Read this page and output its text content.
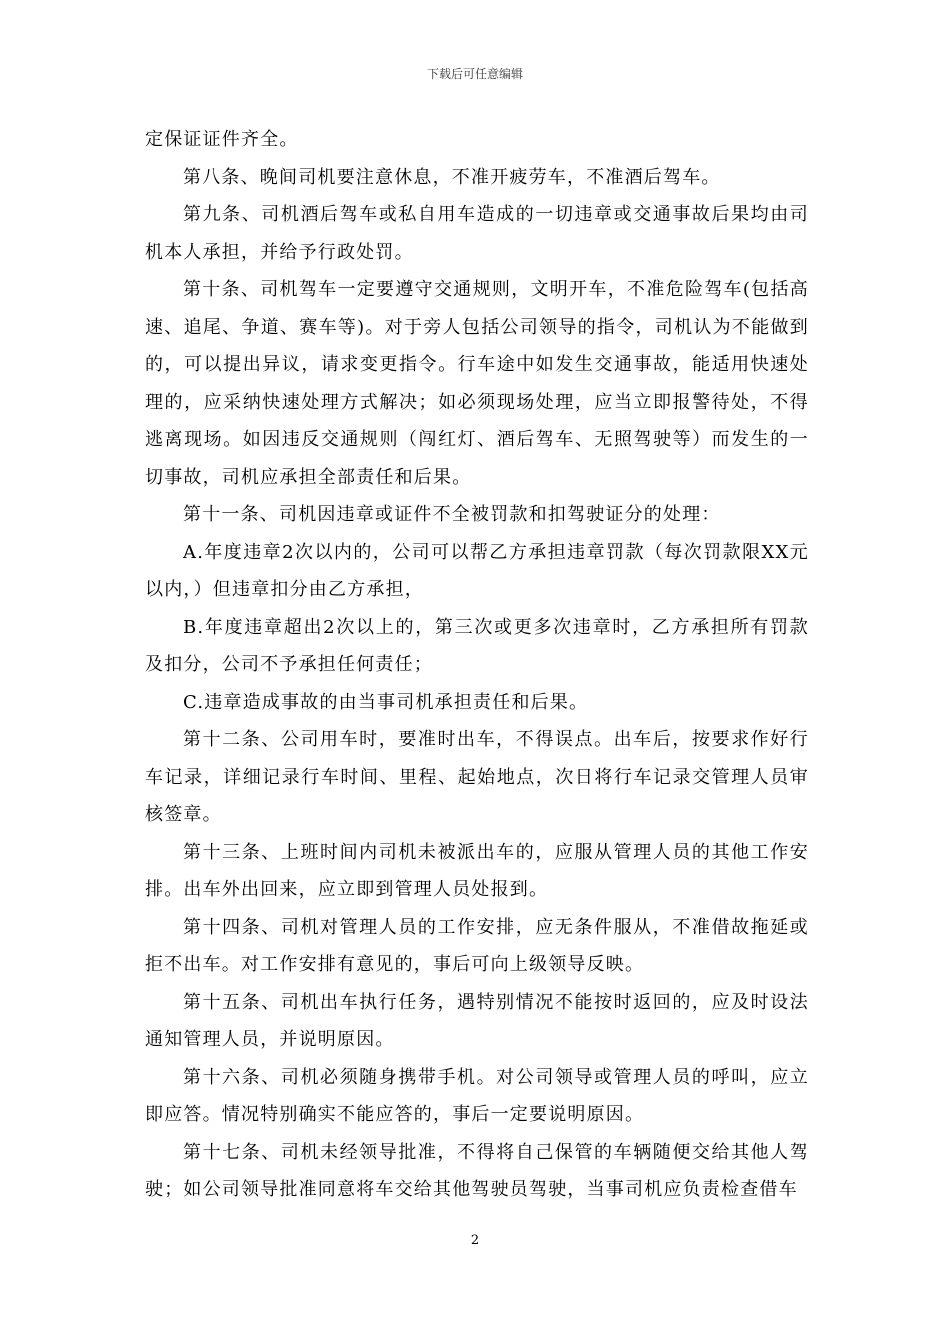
下载后可任意编辑

定保证证件齐全。

第八条、晚间司机要注意休息，不准开疲劳车，不准酒后驾车。

第九条、司机酒后驾车或私自用车造成的一切违章或交通事故后果均由司机本人承担，并给予行政处罚。

第十条、司机驾车一定要遵守交通规则，文明开车，不准危险驾车(包括高速、追尾、争道、赛车等)。对于旁人包括公司领导的指令，司机认为不能做到的，可以提出异议，请求变更指令。行车途中如发生交通事故，能适用快速处理的，应采纳快速处理方式解决；如必须现场处理，应当立即报警待处，不得逃离现场。如因违反交通规则（闯红灯、酒后驾车、无照驾驶等）而发生的一切事故，司机应承担全部责任和后果。

第十一条、司机因违章或证件不全被罚款和扣驾驶证分的处理：

A.年度违章2次以内的，公司可以帮乙方承担违章罚款（每次罚款限XX元以内，）但违章扣分由乙方承担，

B.年度违章超出2次以上的，第三次或更多次违章时，乙方承担所有罚款及扣分，公司不予承担任何责任；

C.违章造成事故的由当事司机承担责任和后果。

第十二条、公司用车时，要准时出车，不得误点。出车后，按要求作好行车记录，详细记录行车时间、里程、起始地点，次日将行车记录交管理人员审核签章。

第十三条、上班时间内司机未被派出车的，应服从管理人员的其他工作安排。出车外出回来，应立即到管理人员处报到。

第十四条、司机对管理人员的工作安排，应无条件服从，不准借故拖延或拒不出车。对工作安排有意见的，事后可向上级领导反映。

第十五条、司机出车执行任务，遇特别情况不能按时返回的，应及时设法通知管理人员，并说明原因。

第十六条、司机必须随身携带手机。对公司领导或管理人员的呼叫，应立即应答。情况特别确实不能应答的，事后一定要说明原因。

第十七条、司机未经领导批准，不得将自己保管的车辆随便交给其他人驾驶；如公司领导批准同意将车交给其他驾驶员驾驶，当事司机应负责检查借车

2
